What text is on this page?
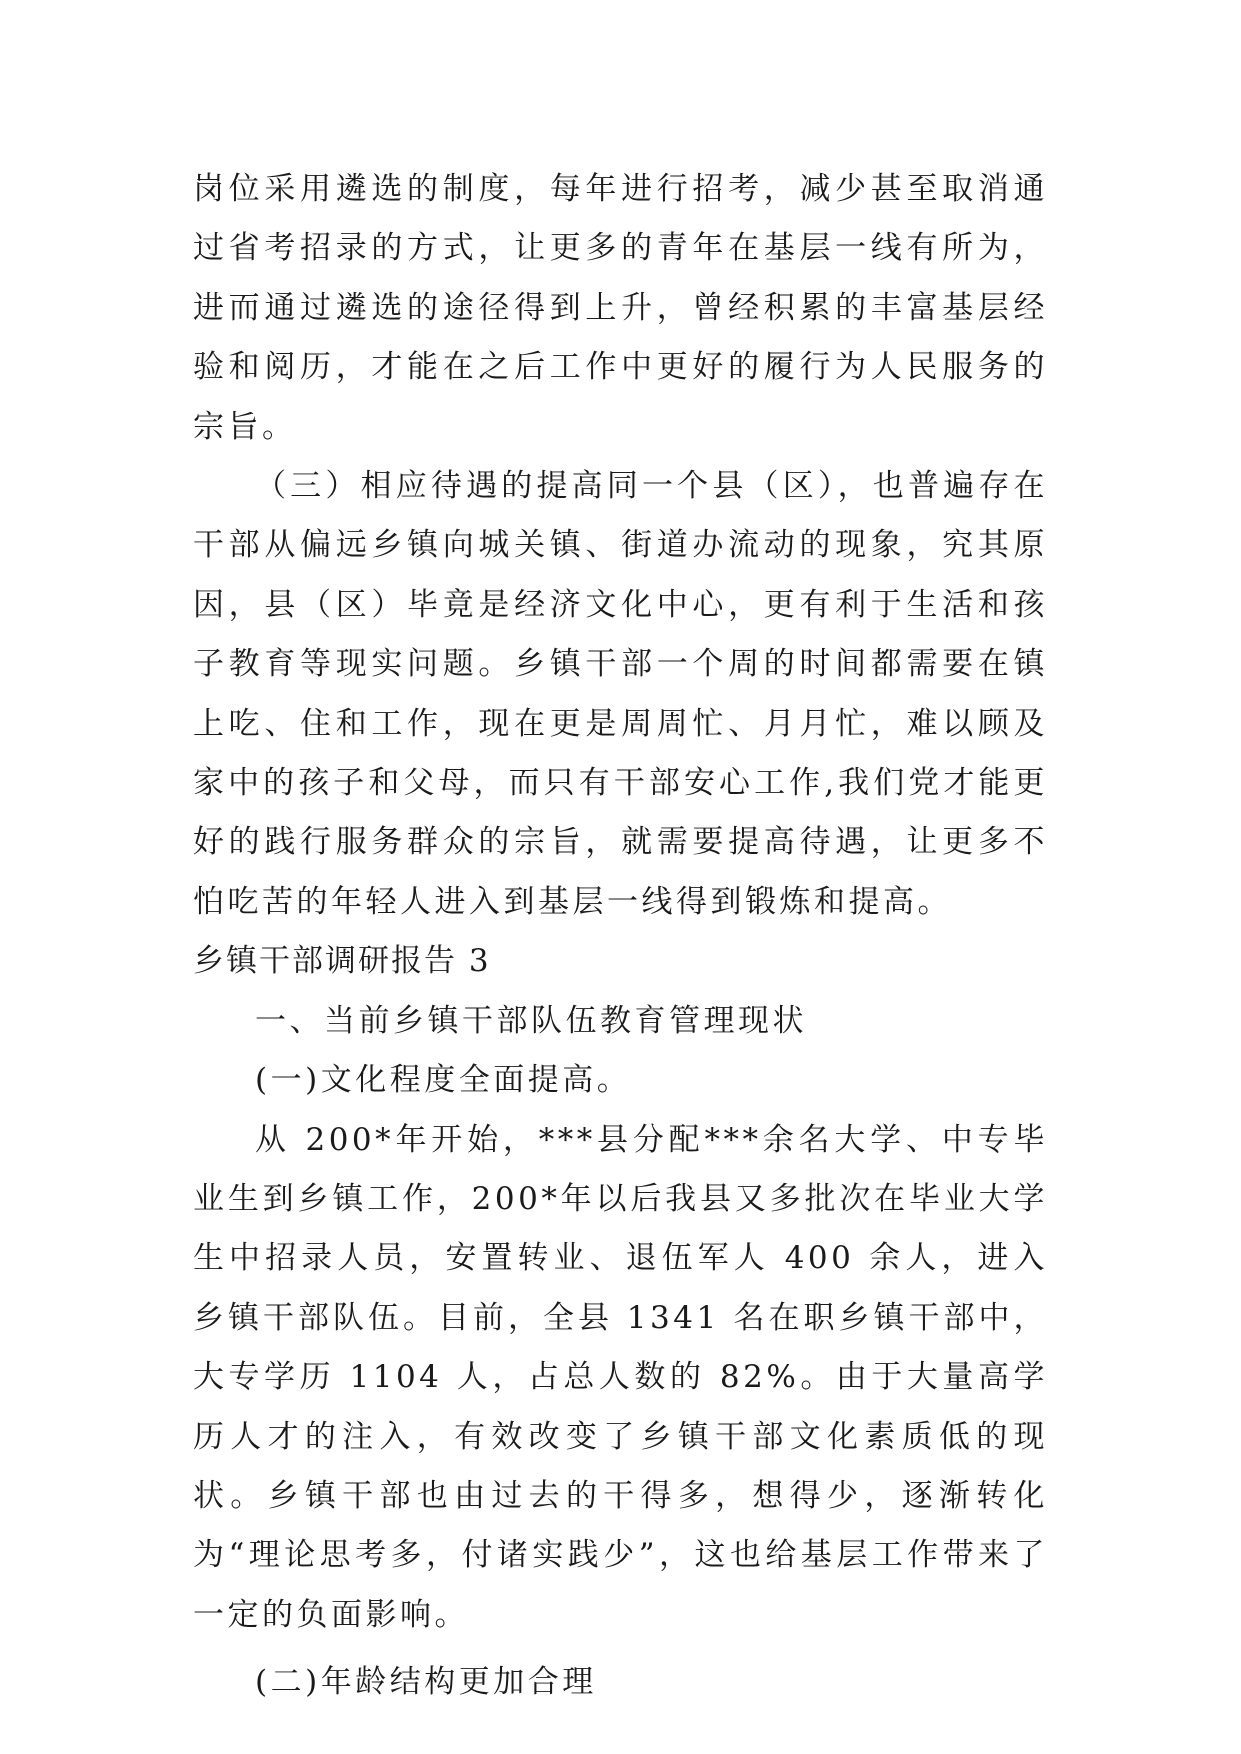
岗位采用遴选的制度，每年进行招考，减少甚至取消通过省考招录的方式，让更多的青年在基层一线有所为，进而通过遴选的途径得到上升，曾经积累的丰富基层经验和阅历，才能在之后工作中更好的履行为人民服务的宗旨。

（三）相应待遇的提高同一个县（区），也普遍存在干部从偏远乡镇向城关镇、街道办流动的现象，究其原因，县（区）毕竟是经济文化中心，更有利于生活和孩子教育等现实问题。乡镇干部一个周的时间都需要在镇上吃、住和工作，现在更是周周忙、月月忙，难以顾及家中的孩子和父母，而只有干部安心工作,我们党才能更好的践行服务群众的宗旨，就需要提高待遇，让更多不怕吃苦的年轻人进入到基层一线得到锻炼和提高。

乡镇干部调研报告 3

一、当前乡镇干部队伍教育管理现状

(一)文化程度全面提高。

从 200*年开始，***县分配***余名大学、中专毕业生到乡镇工作，200*年以后我县又多批次在毕业大学生中招录人员，安置转业、退伍军人 400 余人，进入乡镇干部队伍。目前，全县 1341 名在职乡镇干部中，大专学历 1104 人，占总人数的 82%。由于大量高学历人才的注入，有效改变了乡镇干部文化素质低的现状。乡镇干部也由过去的干得多，想得少，逐渐转化为“理论思考多，付诸实践少”，这也给基层工作带来了一定的负面影响。

(二)年龄结构更加合理
